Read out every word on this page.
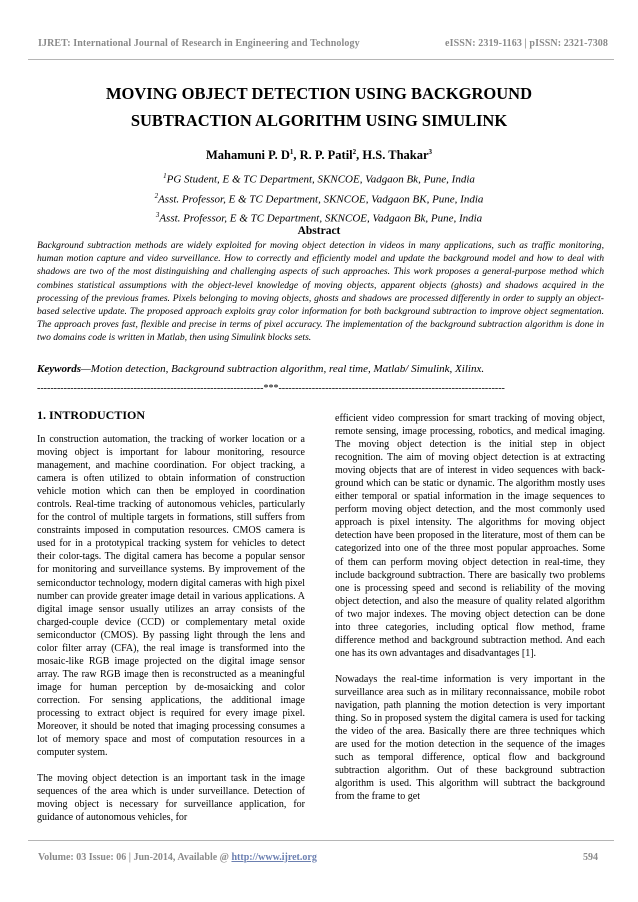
IJRET: International Journal of Research in Engineering and Technology	eISSN: 2319-1163 | pISSN: 2321-7308
MOVING OBJECT DETECTION USING BACKGROUND
SUBTRACTION ALGORITHM USING SIMULINK
Mahamuni P. $D^1$, R. P. Patil$^2$, H.S. Thakar$^3$
$^1$PG Student, E & TC Department, SKNCOE, Vadgaon Bk, Pune, India
$^2$Asst. Professor, E & TC Department, SKNCOE, Vadgaon BK, Pune, India
$^3$Asst. Professor, E & TC Department, SKNCOE, Vadgaon Bk, Pune, India
Abstract
Background subtraction methods are widely exploited for moving object detection in videos in many applications, such as traffic monitoring, human motion capture and video surveillance. How to correctly and efficiently model and update the background model and how to deal with shadows are two of the most distinguishing and challenging aspects of such approaches. This work proposes a general-purpose method which combines statistical assumptions with the object-level knowledge of moving objects, apparent objects (ghosts) and shadows acquired in the processing of the previous frames. Pixels belonging to moving objects, ghosts and shadows are processed differently in order to supply an object-based selective update. The proposed approach exploits gray color information for both background subtraction to improve object segmentation. The approach proves fast, flexible and precise in terms of pixel accuracy. The implementation of the background subtraction algorithm is done in two domains code is written in Matlab, then using Simulink blocks sets.
Keywords—Motion detection, Background subtraction algorithm, real time, Matlab/ Simulink, Xilinx.
--------------------------------------------------------------------***--------------------------------------------------------------------
1. INTRODUCTION

In construction automation, the tracking of worker location or a moving object is important for labour monitoring, resource management, and machine coordination. For object tracking, a camera is often utilized to obtain information of construction vehicle motion which can then be employed in coordination controls. Real-time tracking of autonomous vehicles, particularly for the control of multiple targets in formations, still suffers from constraints imposed in computation resources. CMOS camera is used for in a prototypical tracking system for vehicles to detect their color-tags. The digital camera has become a popular sensor for monitoring and surveillance systems. By improvement of the semiconductor technology, modern digital cameras with high pixel number can provide greater image detail in various applications. A digital image sensor usually utilizes an array consists of the charged-couple device (CCD) or complementary metal oxide semiconductor (CMOS). By passing light through the lens and color filter array (CFA), the real image is transformed into the mosaic-like RGB image projected on the digital image sensor array. The raw RGB image then is reconstructed as a meaningful image for human perception by de-mosaicking and color correction. For sensing applications, the additional image processing to extract object is required for every image pixel. Moreover, it should be noted that imaging processing consumes a lot of memory space and most of computation resources in a computer system.

The moving object detection is an important task in the image sequences of the area which is under surveillance. Detection of moving object is necessary for surveillance application, for guidance of autonomous vehicles, for

efficient video compression for smart tracking of moving object, remote sensing, image processing, robotics, and medical imaging. The moving object detection is the initial step in object recognition. The aim of moving object detection is at extracting moving objects that are of interest in video sequences with back-ground which can be static or dynamic. The algorithm mostly uses either temporal or spatial information in the image sequences to perform moving object detection, and the most commonly used approach is pixel intensity. The algorithms for moving object detection have been proposed in the literature, most of them can be categorized into one of the three most popular approaches. Some of them can perform moving object detection in real-time, they include background subtraction. There are basically two problems one is processing speed and second is reliability of the moving object detection, and also the measure of quality related algorithm of two major indexes. The moving object detection can be done into three categories, including optical flow method, frame difference method and background subtraction method. And each one has its own advantages and disadvantages [1].

Nowadays the real-time information is very important in the surveillance area such as in military reconnaissance, mobile robot navigation, path planning the motion detection is very important thing. So in proposed system the digital camera is used for tacking the video of the area. Basically there are three techniques which are used for the motion detection in the sequence of the images such as temporal difference, optical flow and background subtraction algorithm. Out of these background subtraction algorithm is used. This algorithm will subtract the background from the frame to get

Volume: 03 Issue: 06 | Jun-2014, Available @ http://www.ijret.org	594
